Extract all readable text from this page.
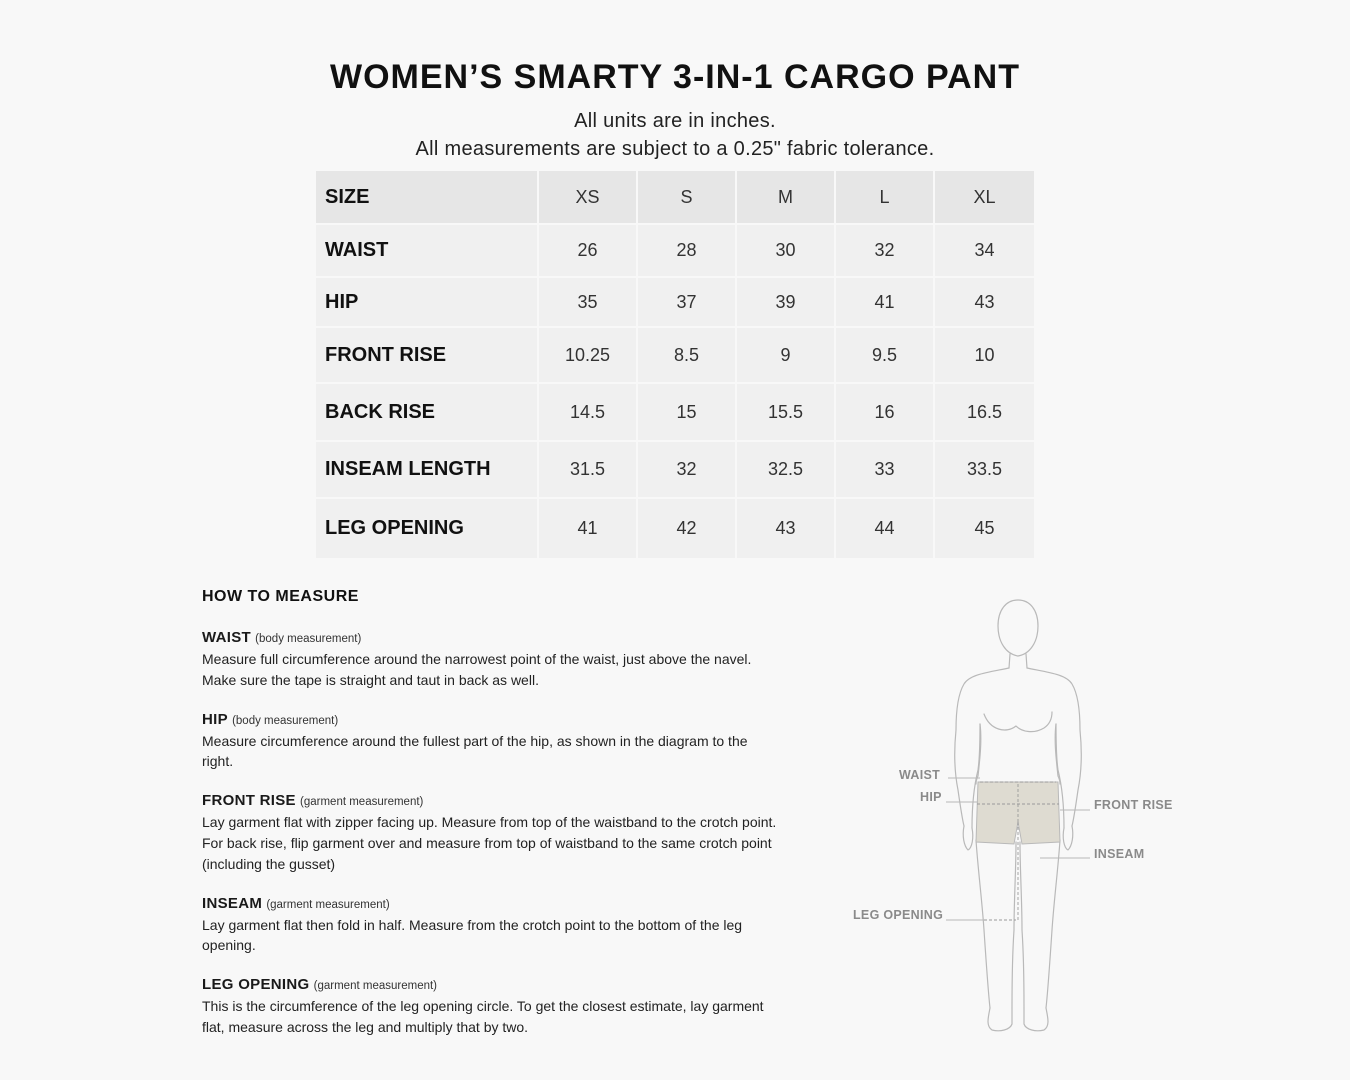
WOMEN’S SMARTY 3-IN-1 CARGO PANT
All units are in inches.
All measurements are subject to a 0.25" fabric tolerance.
SIZE	XS	S	M	L	XL
WAIST	26	28	30	32	34
HIP	35	37	39	41	43
FRONT RISE	10.25	8.5	9	9.5	10
BACK RISE	14.5	15	15.5	16	16.5
INSEAM LENGTH	31.5	32	32.5	33	33.5
LEG OPENING	41	42	43	44	45
HOW TO MEASURE
WAIST (body measurement)
Measure full circumference around the narrowest point of the waist, just above the navel. Make sure the tape is straight and taut in back as well.
HIP (body measurement)
Measure circumference around the fullest part of the hip, as shown in the diagram to the right.
FRONT RISE (garment measurement)
Lay garment flat with zipper facing up. Measure from top of the waistband to the crotch point. For back rise, flip garment over and measure from top of waistband to the same crotch point (including the gusset)
INSEAM (garment measurement)
Lay garment flat then fold in half. Measure from the crotch point to the bottom of the leg opening.
LEG OPENING (garment measurement)
This is the circumference of the leg opening circle. To get the closest estimate, lay garment flat, measure across the leg and multiply that by two.
WAIST
HIP
FRONT RISE
INSEAM
LEG OPENING
